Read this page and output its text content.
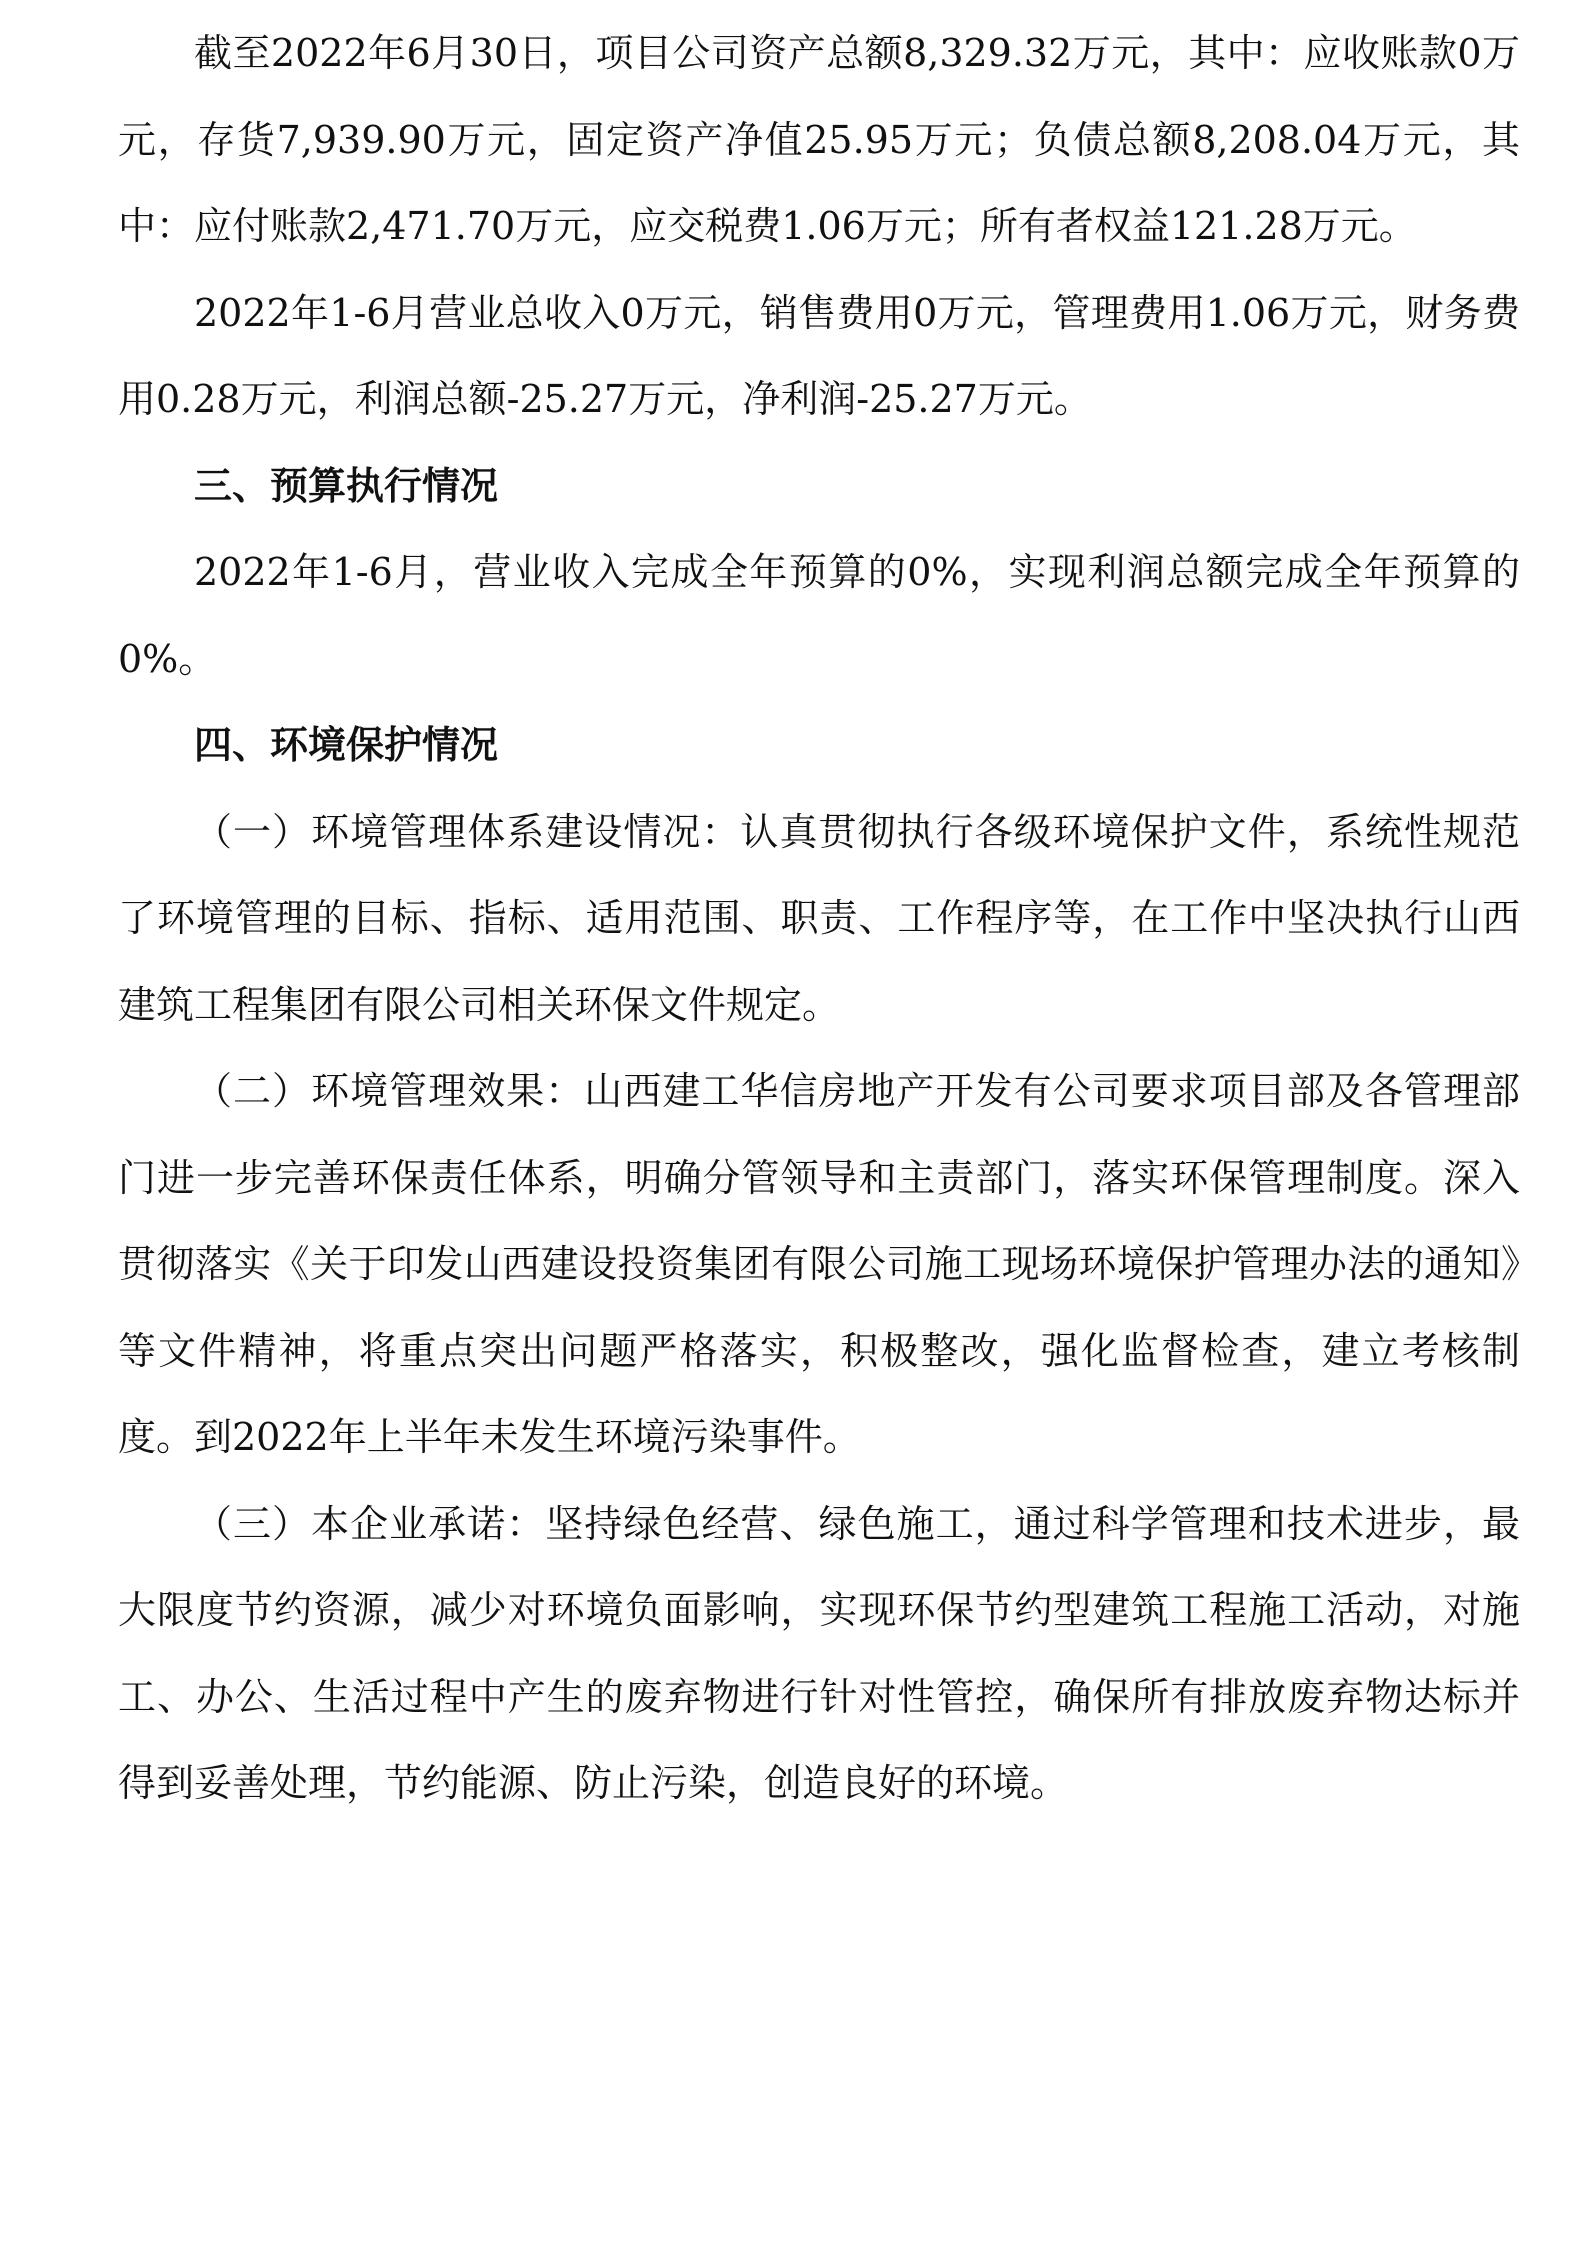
截至2022年6月30日，项目公司资产总额8,329.32万元，其中：应收账款0万元，存货7,939.90万元，固定资产净值25.95万元；负债总额8,208.04万元，其中：应付账款2,471.70万元，应交税费1.06万元；所有者权益121.28万元。

2022年1-6月营业总收入0万元，销售费用0万元，管理费用1.06万元，财务费用0.28万元，利润总额-25.27万元，净利润-25.27万元。

三、预算执行情况

2022年1-6月，营业收入完成全年预算的0%，实现利润总额完成全年预算的0%。

四、环境保护情况

（一）环境管理体系建设情况：认真贯彻执行各级环境保护文件，系统性规范了环境管理的目标、指标、适用范围、职责、工作程序等，在工作中坚决执行山西建筑工程集团有限公司相关环保文件规定。

（二）环境管理效果：山西建工华信房地产开发有公司要求项目部及各管理部门进一步完善环保责任体系，明确分管领导和主责部门，落实环保管理制度。深入贯彻落实《关于印发山西建设投资集团有限公司施工现场环境保护管理办法的通知》等文件精神，将重点突出问题严格落实，积极整改，强化监督检查，建立考核制度。到2022年上半年未发生环境污染事件。

（三）本企业承诺：坚持绿色经营、绿色施工，通过科学管理和技术进步，最大限度节约资源，减少对环境负面影响，实现环保节约型建筑工程施工活动，对施工、办公、生活过程中产生的废弃物进行针对性管控，确保所有排放废弃物达标并得到妥善处理，节约能源、防止污染，创造良好的环境。
